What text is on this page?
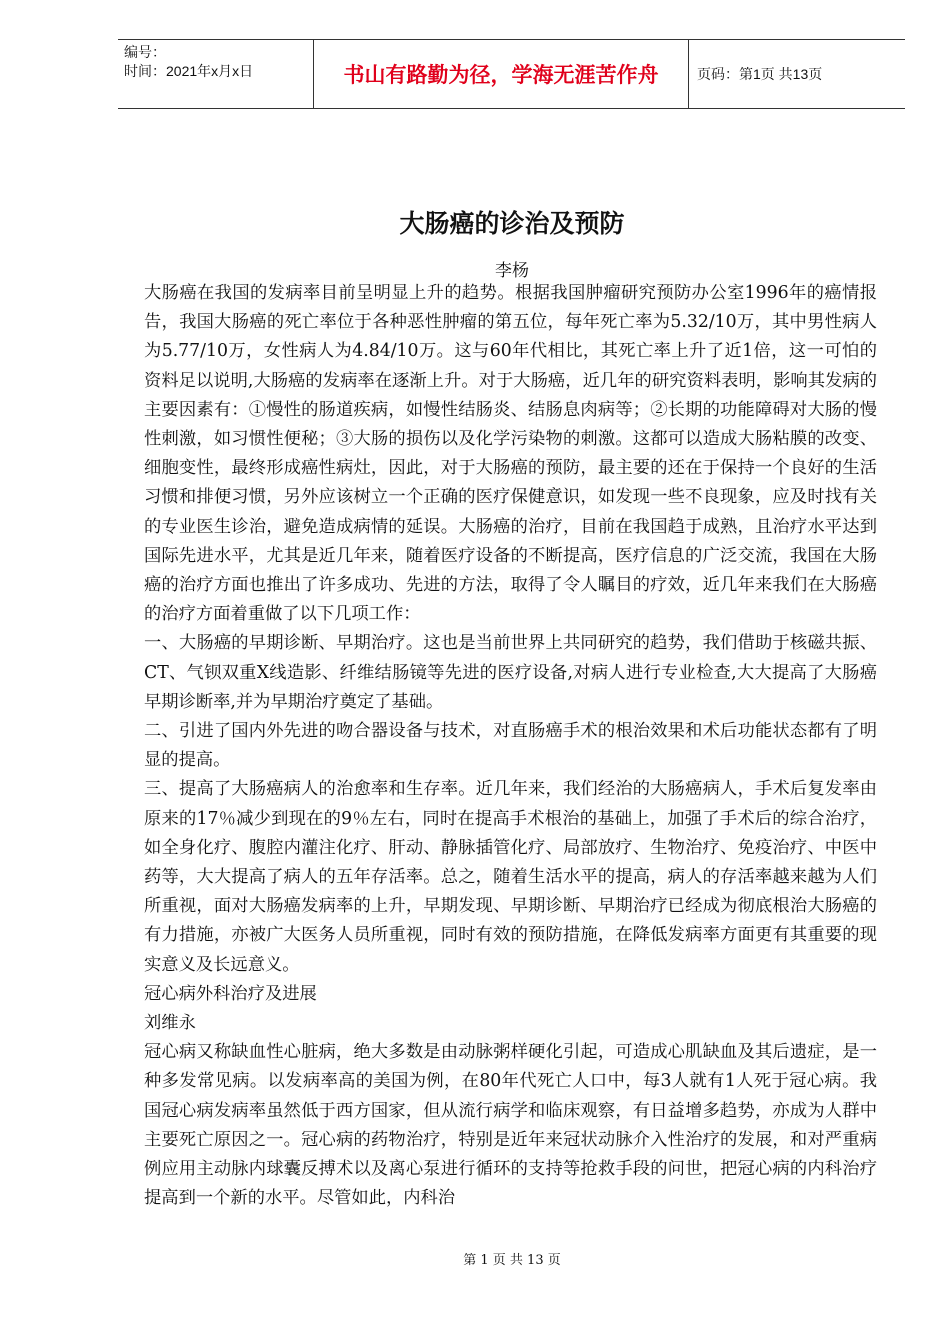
编号：
时间：2021年x月x日	书山有路勤为径，学海无涯苦作舟	页码：第1页 共13页
大肠癌的诊治及预防
李杨

大肠癌在我国的发病率目前呈明显上升的趋势。根据我国肿瘤研究预防办公室1996年的癌情报告，我国大肠癌的死亡率位于各种恶性肿瘤的第五位，每年死亡率为5.32/10万，其中男性病人为5.77/10万，女性病人为4.84/10万。这与60年代相比，其死亡率上升了近1倍，这一可怕的资料足以说明,大肠癌的发病率在逐渐上升。对于大肠癌，近几年的研究资料表明，影响其发病的主要因素有：①慢性的肠道疾病，如慢性结肠炎、结肠息肉病等；②长期的功能障碍对大肠的慢性刺激，如习惯性便秘；③大肠的损伤以及化学污染物的刺激。这都可以造成大肠粘膜的改变、细胞变性，最终形成癌性病灶，因此，对于大肠癌的预防，最主要的还在于保持一个良好的生活习惯和排便习惯，另外应该树立一个正确的医疗保健意识，如发现一些不良现象，应及时找有关的专业医生诊治，避免造成病情的延误。大肠癌的治疗，目前在我国趋于成熟，且治疗水平达到国际先进水平，尤其是近几年来，随着医疗设备的不断提高，医疗信息的广泛交流，我国在大肠癌的治疗方面也推出了许多成功、先进的方法，取得了令人瞩目的疗效，近几年来我们在大肠癌的治疗方面着重做了以下几项工作：

一、大肠癌的早期诊断、早期治疗。这也是当前世界上共同研究的趋势，我们借助于核磁共振、CT、气钡双重X线造影、纤维结肠镜等先进的医疗设备,对病人进行专业检查,大大提高了大肠癌早期诊断率,并为早期治疗奠定了基础。

二、引进了国内外先进的吻合器设备与技术，对直肠癌手术的根治效果和术后功能状态都有了明显的提高。

三、提高了大肠癌病人的治愈率和生存率。近几年来，我们经治的大肠癌病人，手术后复发率由原来的17％减少到现在的9％左右，同时在提高手术根治的基础上，加强了手术后的综合治疗，如全身化疗、腹腔内灌注化疗、肝动、静脉插管化疗、局部放疗、生物治疗、免疫治疗、中医中药等，大大提高了病人的五年存活率。总之，随着生活水平的提高，病人的存活率越来越为人们所重视，面对大肠癌发病率的上升，早期发现、早期诊断、早期治疗已经成为彻底根治大肠癌的有力措施，亦被广大医务人员所重视，同时有效的预防措施，在降低发病率方面更有其重要的现实意义及长远意义。

冠心病外科治疗及进展

刘维永

冠心病又称缺血性心脏病，绝大多数是由动脉粥样硬化引起，可造成心肌缺血及其后遗症，是一种多发常见病。以发病率高的美国为例，在80年代死亡人口中，每3人就有1人死于冠心病。我国冠心病发病率虽然低于西方国家，但从流行病学和临床观察，有日益增多趋势，亦成为人群中主要死亡原因之一。冠心病的药物治疗，特别是近年来冠状动脉介入性治疗的发展，和对严重病例应用主动脉内球囊反搏术以及离心泵进行循环的支持等抢救手段的问世，把冠心病的内科治疗提高到一个新的水平。尽管如此，内科治

第 1 页 共 13 页
